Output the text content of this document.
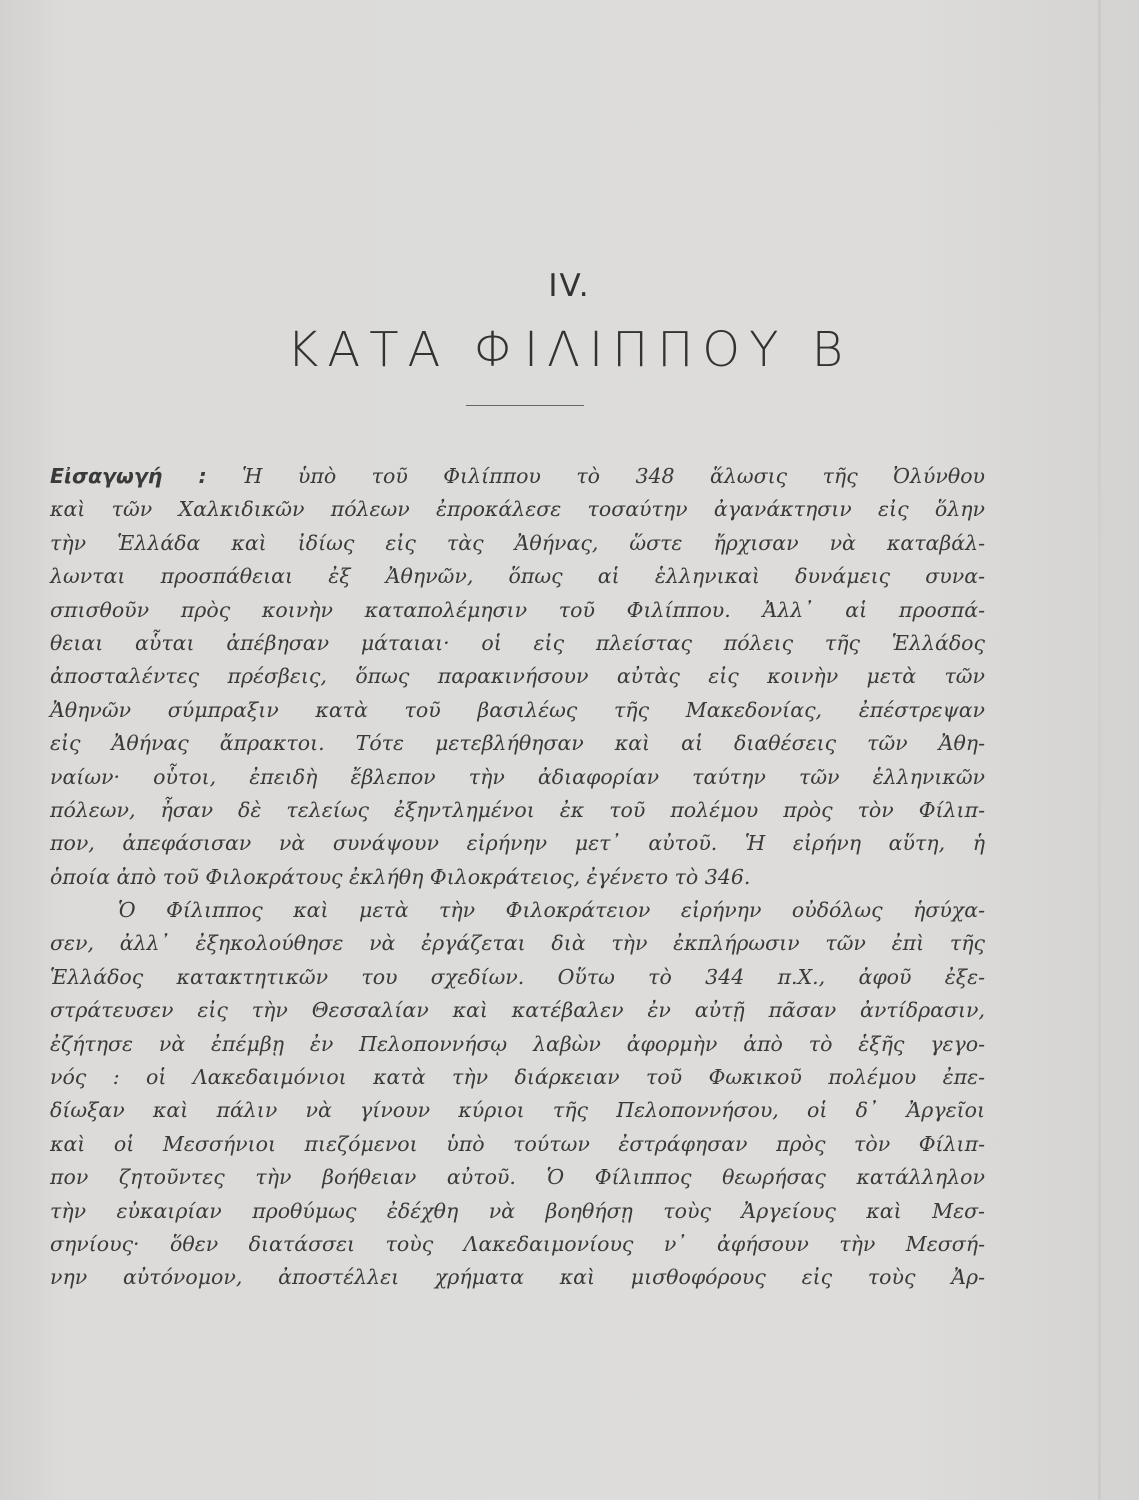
IV.
ΚΑΤΑ ΦΙΛΙΠΠΟΥ Β
Εἰσαγωγή : Ἡ ὑπὸ τοῦ Φιλίππου τὸ 348 ἅλωσις τῆς Ὀλύνθου
καὶ τῶν Χαλκιδικῶν πόλεων ἐπροκάλεσε τοσαύτην ἀγανάκτησιν εἰς ὅλην
τὴν Ἑλλάδα καὶ ἰδίως εἰς τὰς Ἀθήνας, ὥστε ἤρχισαν νὰ καταβάλ-
λωνται προσπάθειαι ἐξ Ἀθηνῶν, ὅπως αἱ ἑλληνικαὶ δυνάμεις συνα-
σπισθοῦν πρὸς κοινὴν καταπολέμησιν τοῦ Φιλίππου. Ἀλλ᾽ αἱ προσπά-
θειαι αὗται ἀπέβησαν μάταιαι· οἱ εἰς πλείστας πόλεις τῆς Ἑλλάδος
ἀποσταλέντες πρέσβεις, ὅπως παρακινήσουν αὐτὰς εἰς κοινὴν μετὰ τῶν
Ἀθηνῶν σύμπραξιν κατὰ τοῦ βασιλέως τῆς Μακεδονίας, ἐπέστρεψαν
εἰς Ἀθήνας ἄπρακτοι. Τότε μετεβλήθησαν καὶ αἱ διαθέσεις τῶν Ἀθη-
ναίων· οὗτοι, ἐπειδὴ ἔβλεπον τὴν ἀδιαφορίαν ταύτην τῶν ἑλληνικῶν
πόλεων, ἦσαν δὲ τελείως ἐξηντλημένοι ἐκ τοῦ πολέμου πρὸς τὸν Φίλιπ-
πον, ἀπεφάσισαν νὰ συνάψουν εἰρήνην μετ᾽ αὐτοῦ. Ἡ εἰρήνη αὕτη, ἡ
ὁποία ἀπὸ τοῦ Φιλοκράτους ἐκλήθη Φιλοκράτειος, ἐγένετο τὸ 346.
Ὁ Φίλιππος καὶ μετὰ τὴν Φιλοκράτειον εἰρήνην οὐδόλως ἡσύχα-
σεν, ἀλλ᾽ ἐξηκολούθησε νὰ ἐργάζεται διὰ τὴν ἐκπλήρωσιν τῶν ἐπὶ τῆς
Ἑλλάδος κατακτητικῶν του σχεδίων. Οὕτω τὸ 344 π.Χ., ἀφοῦ ἐξε-
στράτευσεν εἰς τὴν Θεσσαλίαν καὶ κατέβαλεν ἐν αὐτῇ πᾶσαν ἀντίδρασιν,
ἐζήτησε νὰ ἐπέμβῃ ἐν Πελοποννήσῳ λαβὼν ἀφορμὴν ἀπὸ τὸ ἑξῆς γεγο-
νός : οἱ Λακεδαιμόνιοι κατὰ τὴν διάρκειαν τοῦ Φωκικοῦ πολέμου ἐπε-
δίωξαν καὶ πάλιν νὰ γίνουν κύριοι τῆς Πελοποννήσου, οἱ δ᾽ Ἀργεῖοι
καὶ οἱ Μεσσήνιοι πιεζόμενοι ὑπὸ τούτων ἐστράφησαν πρὸς τὸν Φίλιπ-
πον ζητοῦντες τὴν βοήθειαν αὐτοῦ. Ὁ Φίλιππος θεωρήσας κατάλληλον
τὴν εὐκαιρίαν προθύμως ἐδέχθη νὰ βοηθήσῃ τοὺς Ἀργείους καὶ Μεσ-
σηνίους· ὅθεν διατάσσει τοὺς Λακεδαιμονίους ν᾽ ἀφήσουν τὴν Μεσσή-
νην αὐτόνομον, ἀποστέλλει χρήματα καὶ μισθοφόρους εἰς τοὺς Ἀρ-
